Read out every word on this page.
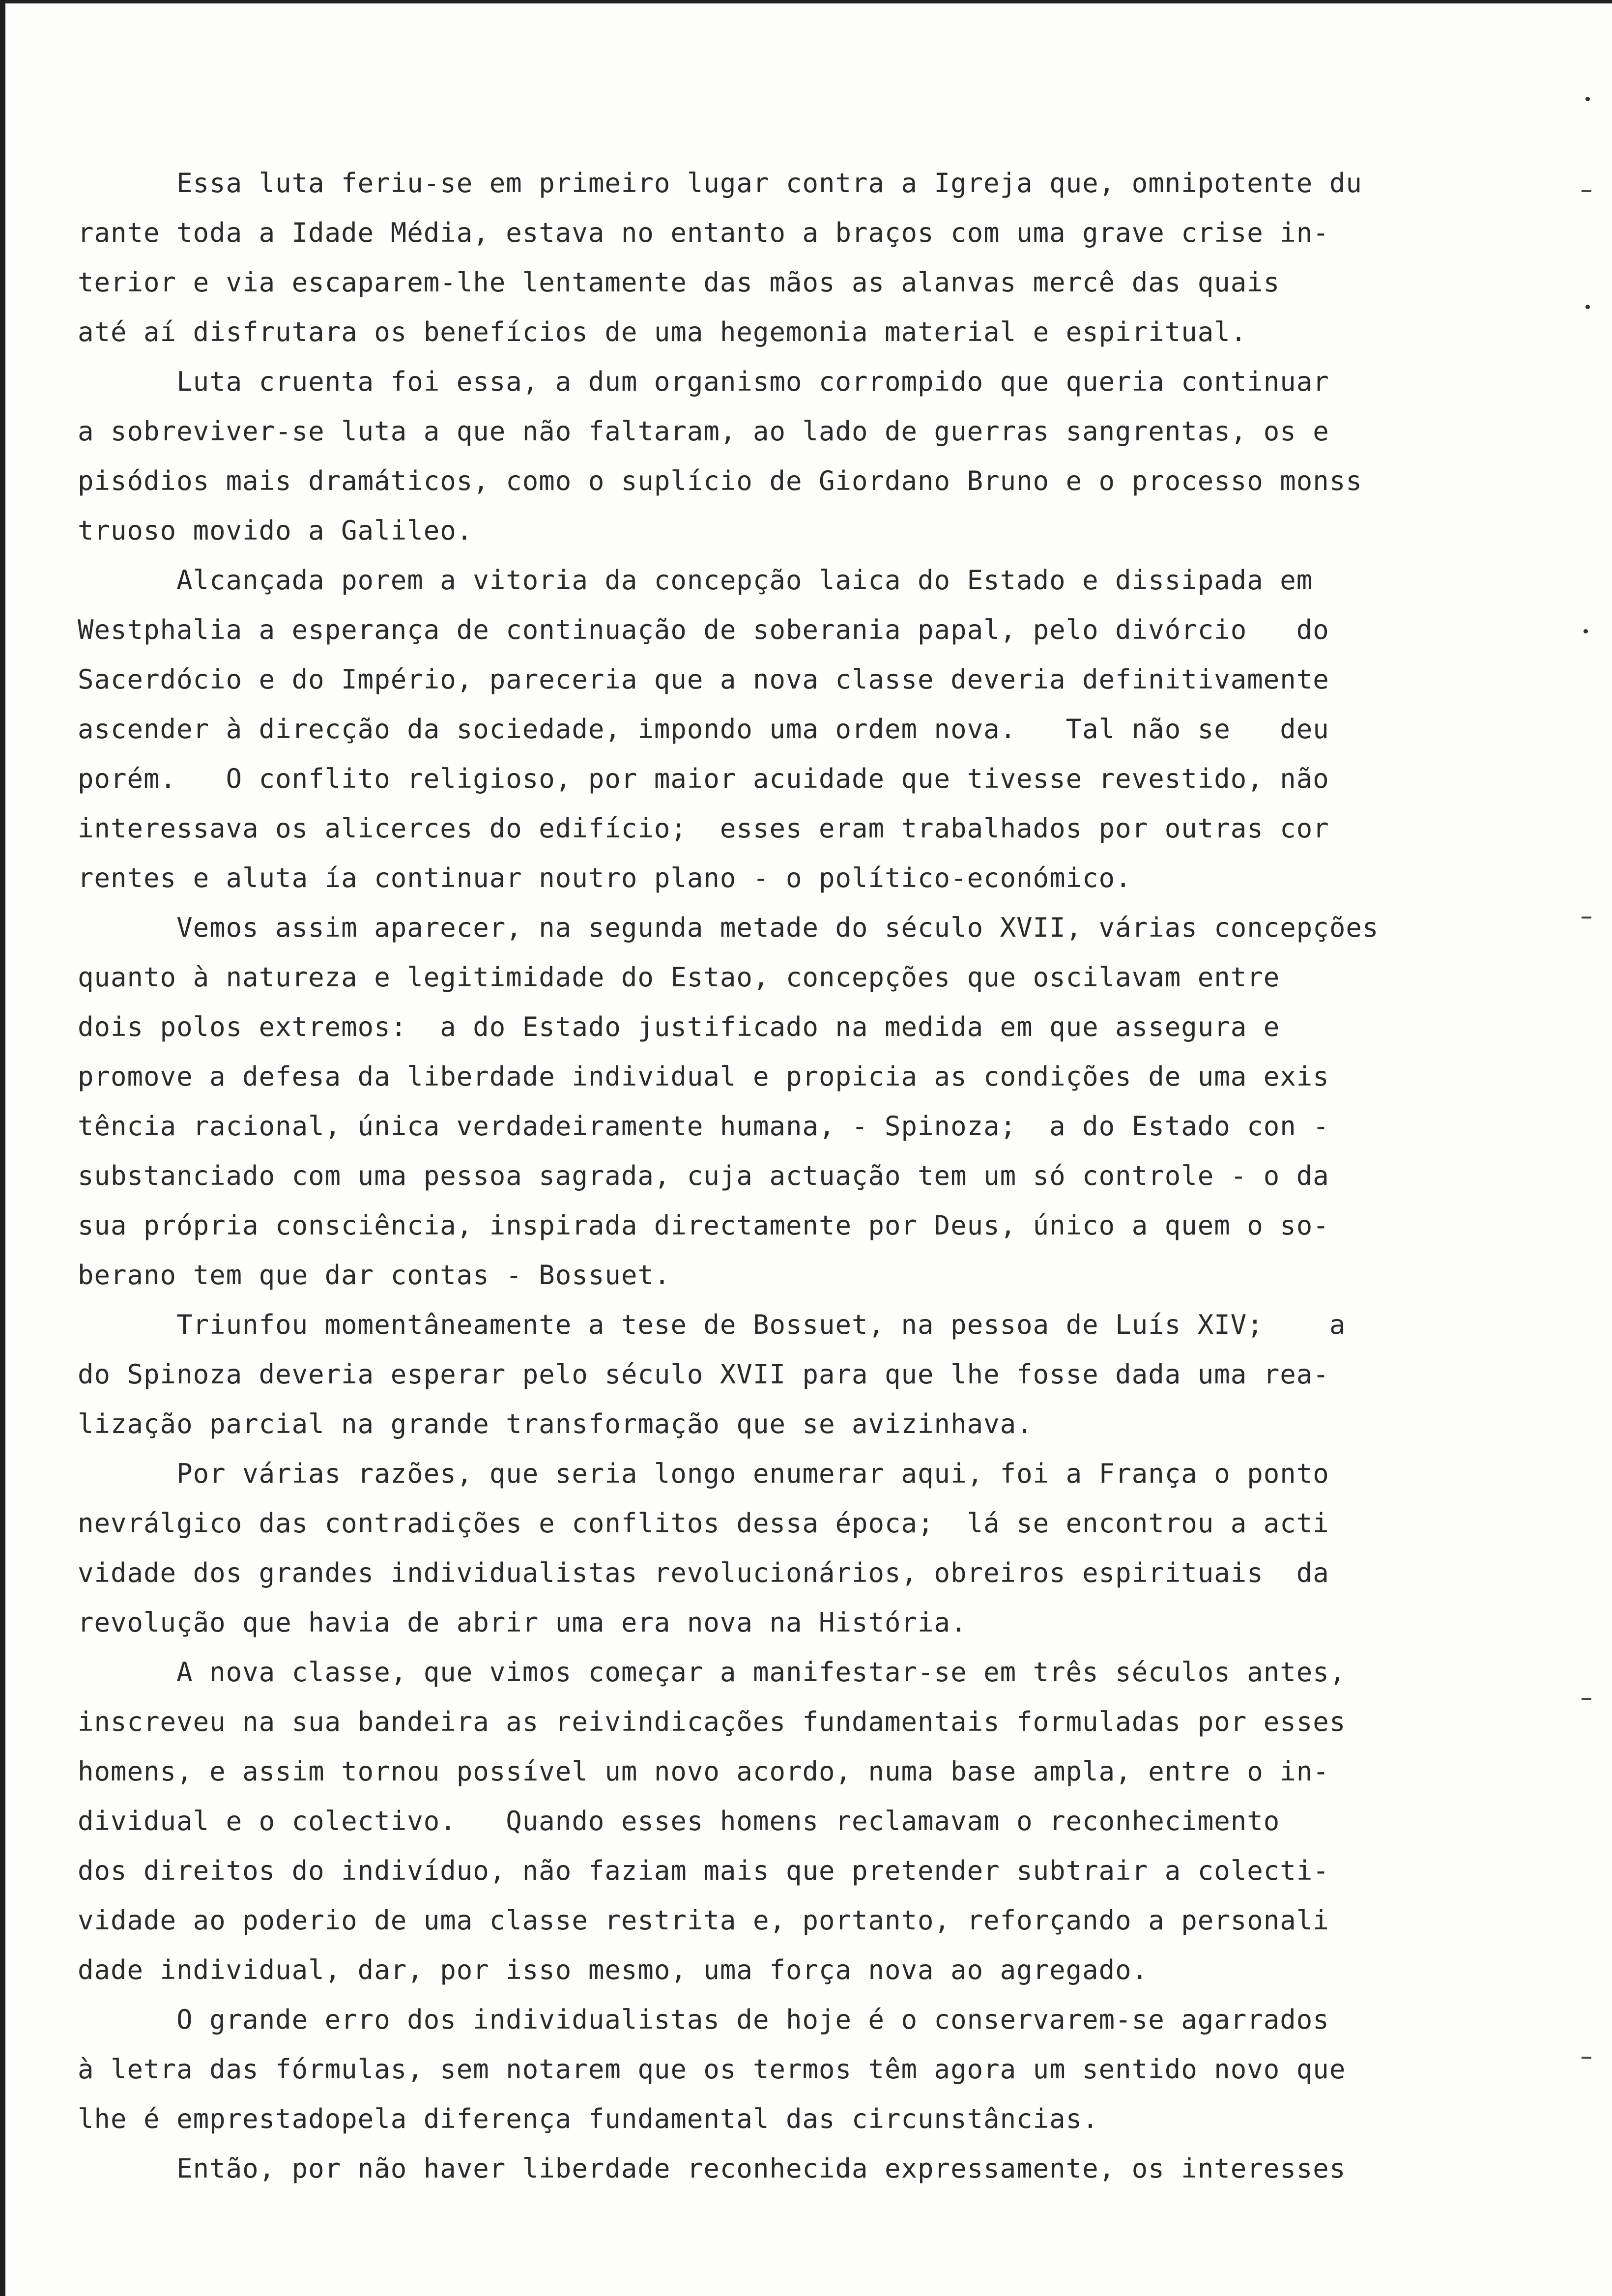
Essa luta feriu-se em primeiro lugar contra a Igreja que, omnipotente du
rante toda a Idade Média, estava no entanto a braços com uma grave crise in-
terior e via escaparem-lhe lentamente das mãos as alanvas mercê das quais
até aí disfrutara os benefícios de uma hegemonia material e espiritual.
Luta cruenta foi essa, a dum organismo corrompido que queria continuar
a sobreviver-se luta a que não faltaram, ao lado de guerras sangrentas, os e
pisódios mais dramáticos, como o suplício de Giordano Bruno e o processo monss
truoso movido a Galileo.
Alcançada porem a vitoria da concepção laica do Estado e dissipada em
Westphalia a esperança de continuação de soberania papal, pelo divórcio   do
Sacerdócio e do Império, pareceria que a nova classe deveria definitivamente
ascender à direcção da sociedade, impondo uma ordem nova.   Tal não se   deu
porém.   O conflito religioso, por maior acuidade que tivesse revestido, não
interessava os alicerces do edifício;  esses eram trabalhados por outras cor
rentes e aluta ía continuar noutro plano - o político-económico.
Vemos assim aparecer, na segunda metade do século XVII, várias concepções
quanto à natureza e legitimidade do Estao, concepções que oscilavam entre
dois polos extremos:  a do Estado justificado na medida em que assegura e
promove a defesa da liberdade individual e propicia as condições de uma exis
tência racional, única verdadeiramente humana, - Spinoza;  a do Estado con -
substanciado com uma pessoa sagrada, cuja actuação tem um só controle - o da
sua própria consciência, inspirada directamente por Deus, único a quem o so-
berano tem que dar contas - Bossuet.
Triunfou momentâneamente a tese de Bossuet, na pessoa de Luís XIV;    a
do Spinoza deveria esperar pelo século XVII para que lhe fosse dada uma rea-
lização parcial na grande transformação que se avizinhava.
Por várias razões, que seria longo enumerar aqui, foi a França o ponto
nevrálgico das contradições e conflitos dessa época;  lá se encontrou a acti
vidade dos grandes individualistas revolucionários, obreiros espirituais  da
revolução que havia de abrir uma era nova na História.
A nova classe, que vimos começar a manifestar-se em três séculos antes,
inscreveu na sua bandeira as reivindicações fundamentais formuladas por esses
homens, e assim tornou possível um novo acordo, numa base ampla, entre o in-
dividual e o colectivo.   Quando esses homens reclamavam o reconhecimento
dos direitos do indivíduo, não faziam mais que pretender subtrair a colecti-
vidade ao poderio de uma classe restrita e, portanto, reforçando a personali
dade individual, dar, por isso mesmo, uma força nova ao agregado.
O grande erro dos individualistas de hoje é o conservarem-se agarrados
à letra das fórmulas, sem notarem que os termos têm agora um sentido novo que
lhe é emprestadopela diferença fundamental das circunstâncias.
Então, por não haver liberdade reconhecida expressamente, os interesses
